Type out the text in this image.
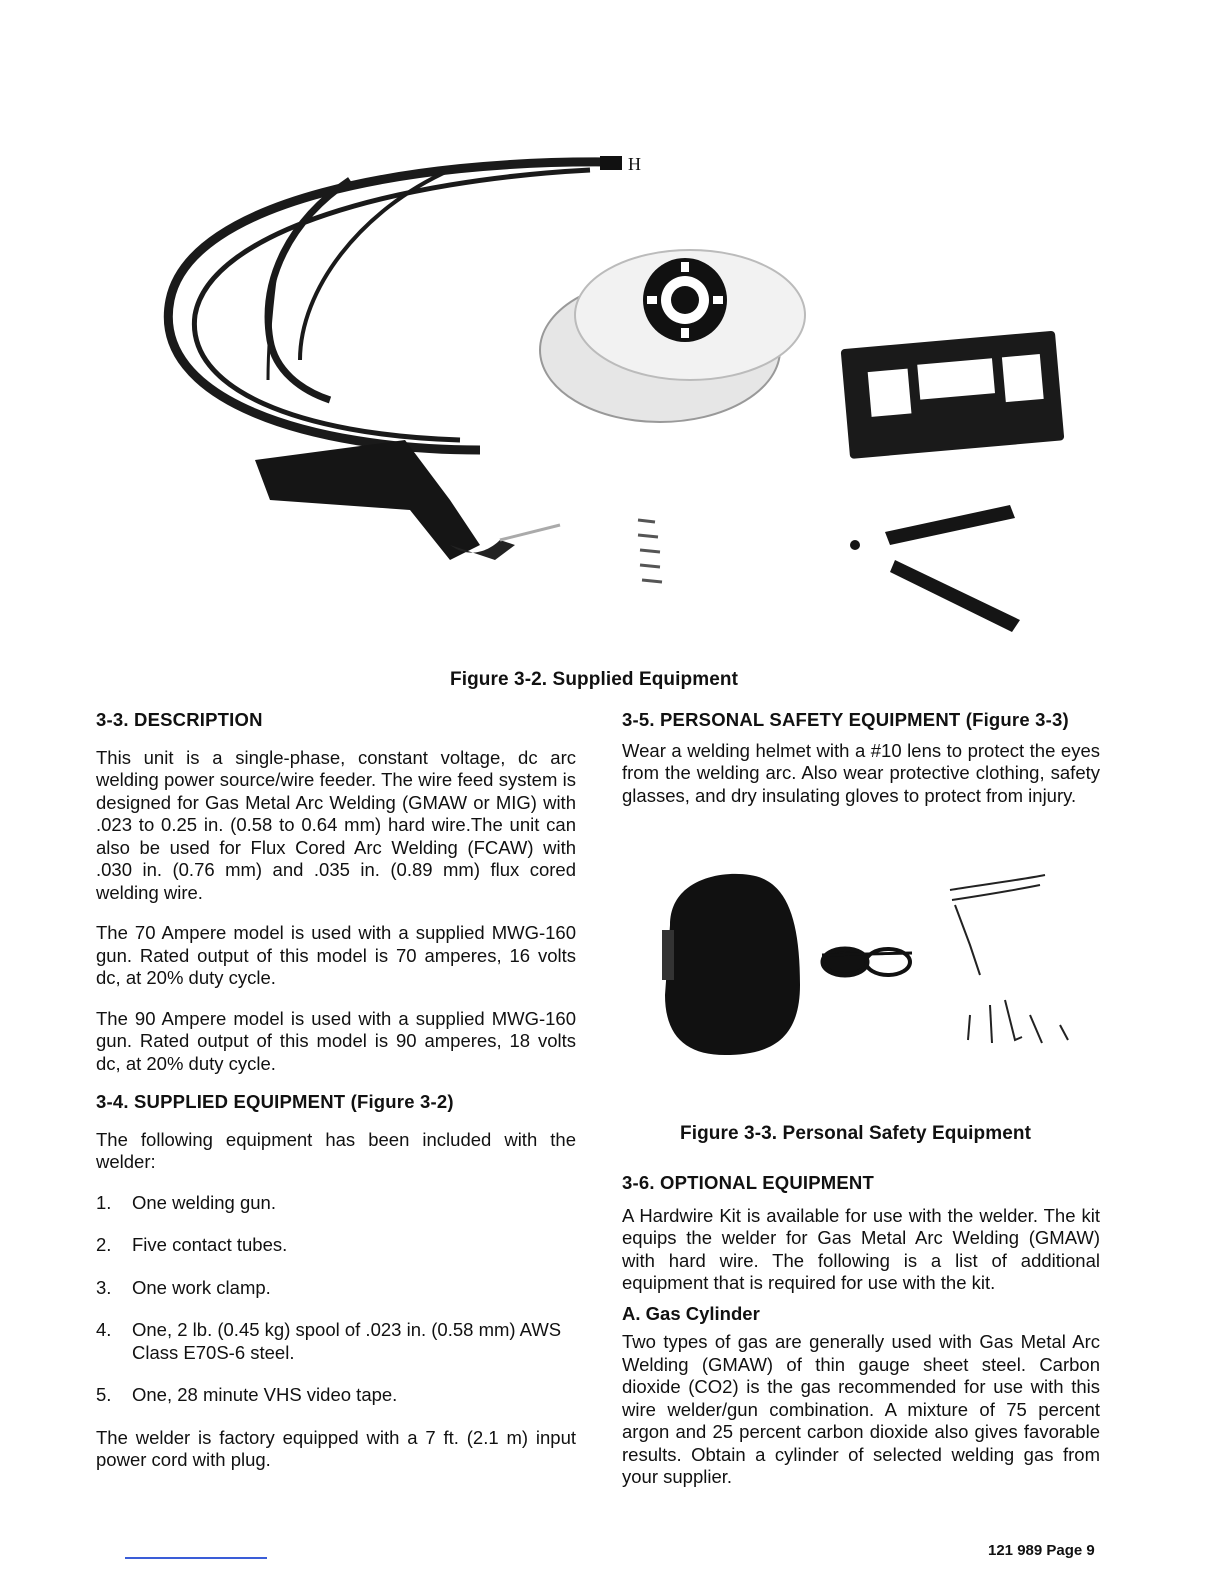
H
Figure 3-2. Supplied Equipment
3-3. DESCRIPTION

This unit is a single-phase, constant voltage, dc arc welding power source/wire feeder. The wire feed system is designed for Gas Metal Arc Welding (GMAW or MIG) with .023 to 0.25 in. (0.58 to 0.64 mm) hard wire.The unit can also be used for Flux Cored Arc Welding (FCAW) with .030 in. (0.76 mm) and .035 in. (0.89 mm) flux cored welding wire.

The 70 Ampere model is used with a supplied MWG-160 gun. Rated output of this model is 70 amperes, 16 volts dc, at 20% duty cycle.

The 90 Ampere model is used with a supplied MWG-160 gun. Rated output of this model is 90 amperes, 18 volts dc, at 20% duty cycle.

3-4. SUPPLIED EQUIPMENT (Figure 3-2)

The following equipment has been included with the welder:

1. One welding gun.
2. Five contact tubes.
3. One work clamp.
4. One, 2 lb. (0.45 kg) spool of .023 in. (0.58 mm) AWS Class E70S-6 steel.
5. One, 28 minute VHS video tape.

The welder is factory equipped with a 7 ft. (2.1 m) input power cord with plug.

3-5. PERSONAL SAFETY EQUIPMENT (Figure 3-3)

Wear a welding helmet with a #10 lens to protect the eyes from the welding arc. Also wear protective clothing, safety glasses, and dry insulating gloves to protect from injury.

Figure 3-3. Personal Safety Equipment
3-6. OPTIONAL EQUIPMENT

A Hardwire Kit is available for use with the welder. The kit equips the welder for Gas Metal Arc Welding (GMAW) with hard wire. The following is a list of additional equipment that is required for use with the kit.

A. Gas Cylinder

Two types of gas are generally used with Gas Metal Arc Welding (GMAW) of thin gauge sheet steel. Carbon dioxide (CO2) is the gas recommended for use with this wire welder/gun combination. A mixture of 75 percent argon and 25 percent carbon dioxide also gives favorable results. Obtain a cylinder of selected welding gas from your supplier.

121 989 Page 9
